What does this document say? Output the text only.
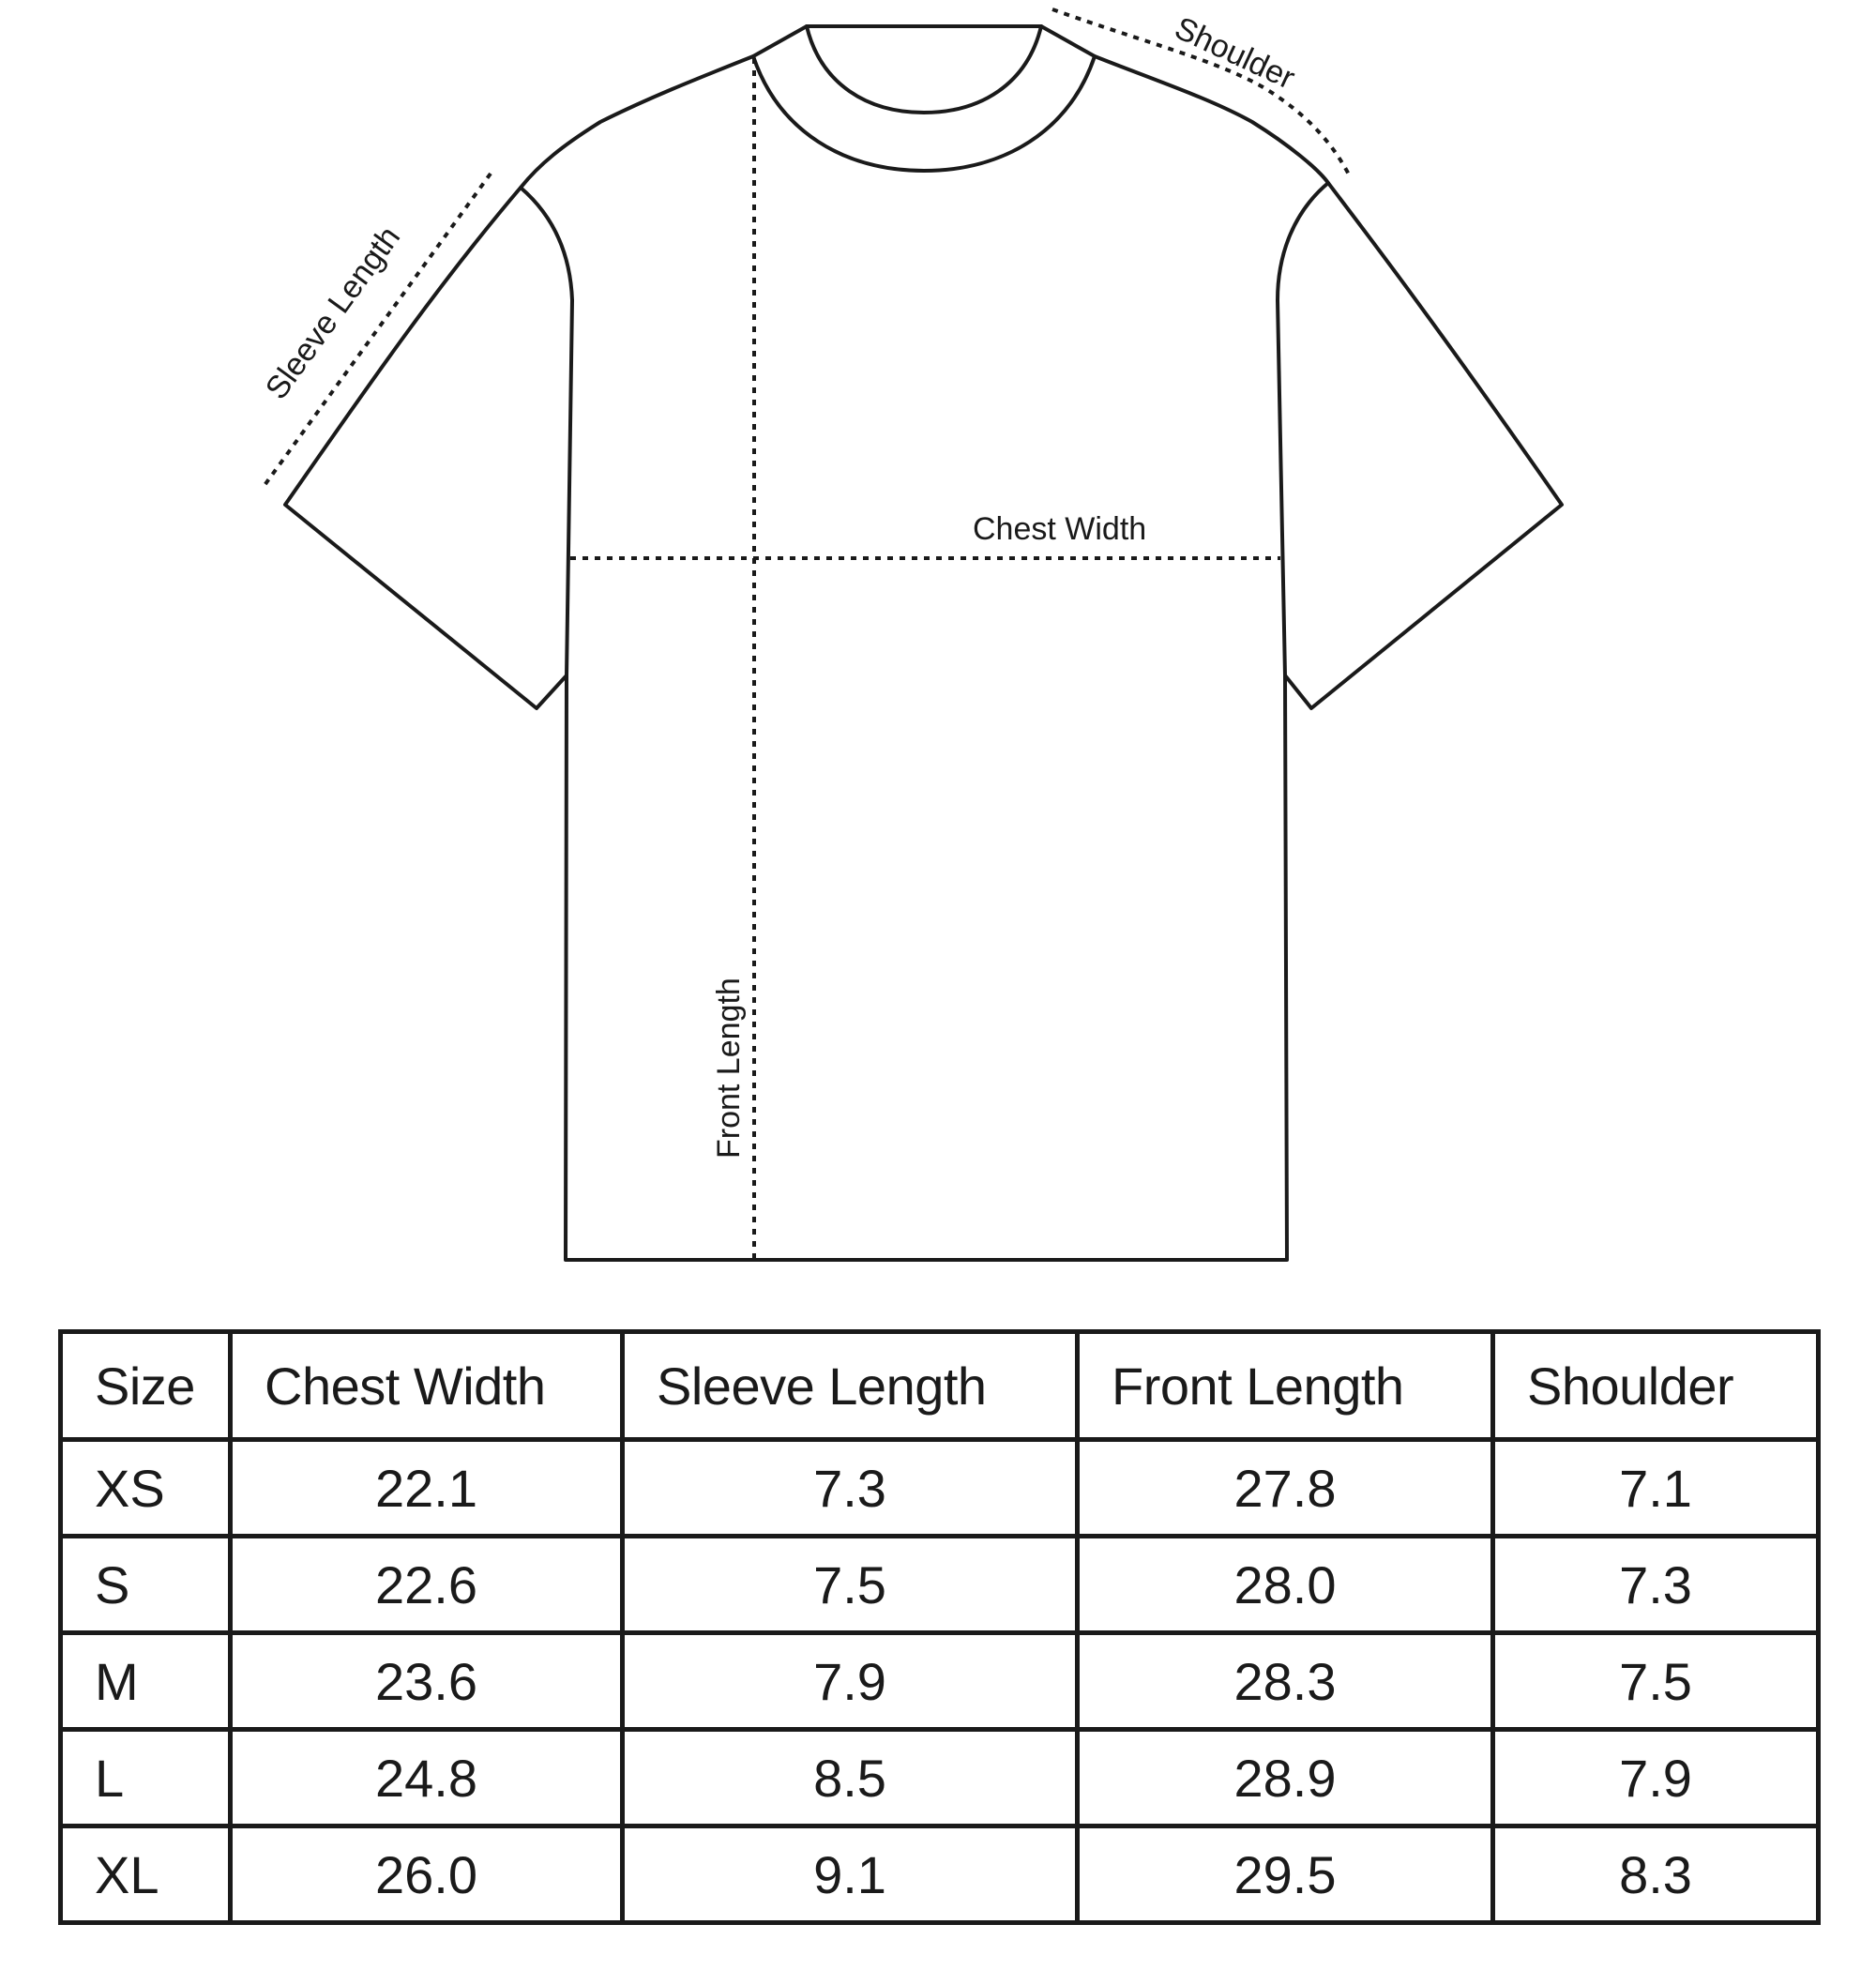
Shoulder
Sleeve Length
Chest Width
Front Length
Size	Chest Width	Sleeve Length	Front Length	Shoulder
XS	22.1	7.3	27.8	7.1
S	22.6	7.5	28.0	7.3
M	23.6	7.9	28.3	7.5
L	24.8	8.5	28.9	7.9
XL	26.0	9.1	29.5	8.3
